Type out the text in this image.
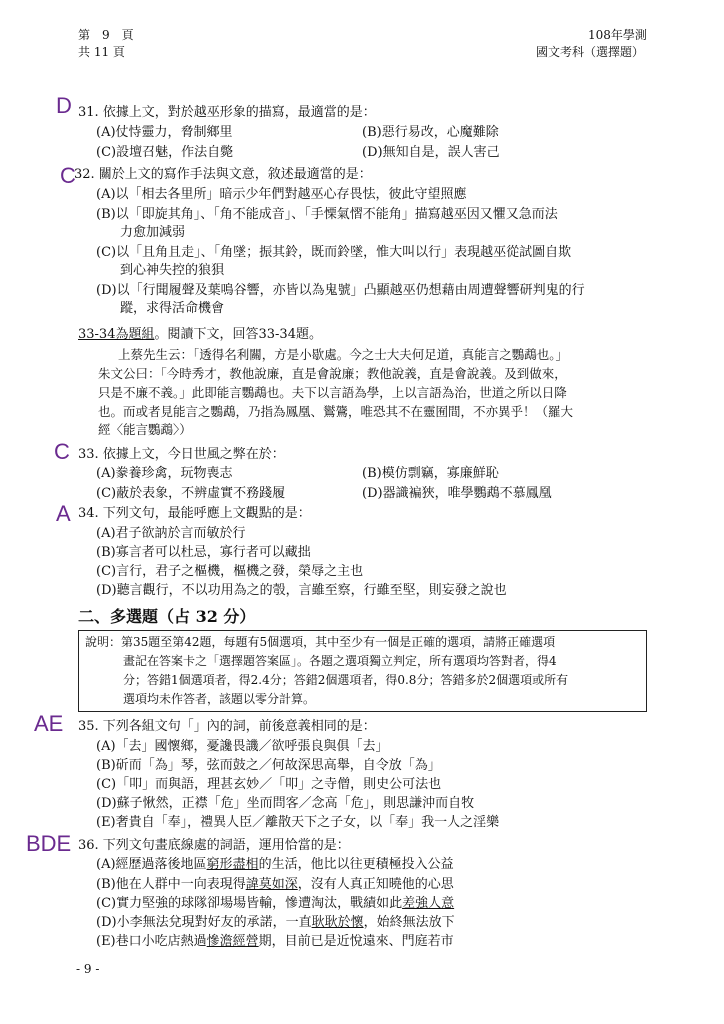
第　9　頁
共 11 頁
108年學測
國文考科（選擇題）
D 31. 依據上文，對於越巫形象的描寫，最適當的是：
(A)仗恃靈力，脅制鄉里	(B)惡行易改，心魔難除
(C)設壇召魅，作法自斃	(D)無知自是，誤人害己
C
32. 關於上文的寫作手法與文意，敘述最適當的是：
(A)以「相去各里所」暗示少年們對越巫心存畏怯，彼此守望照應
(B)以「即旋其角」、「角不能成音」、「手慄氣慴不能角」描寫越巫因又懼又急而法
力愈加減弱
(C)以「且角且走」、「角墜；振其鈴，既而鈴墜，惟大叫以行」表現越巫從試圖自欺
到心神失控的狼狽
(D)以「行聞履聲及葉鳴谷響，亦皆以為鬼號」凸顯越巫仍想藉由周遭聲響研判鬼的行
蹤，求得活命機會
33-34為題組。閱讀下文，回答33-34題。
上蔡先生云：「透得名利關，方是小歇處。今之士大夫何足道，真能言之鸚鵡也。」
朱文公曰：「今時秀才，教他說廉，直是會說廉；教他說義，直是會說義。及到做來，
只是不廉不義。」此即能言鸚鵡也。夫下以言語為學，上以言語為治，世道之所以日降
也。而或者見能言之鸚鵡，乃指為鳳凰、鸑鷟，唯恐其不在靈囿間，不亦異乎！（羅大
經〈能言鸚鵡〉）
C 33. 依據上文，今日世風之弊在於：
(A)豢養珍禽，玩物喪志	(B)模仿剽竊，寡廉鮮恥
(C)蔽於表象，不辨虛實不務踐履	(D)器識褊狹，唯學鸚鵡不慕鳳凰
A 34. 下列文句，最能呼應上文觀點的是：
(A)君子欲訥於言而敏於行
(B)寡言者可以杜忌，寡行者可以藏拙
(C)言行，君子之樞機，樞機之發，榮辱之主也
(D)聽言觀行，不以功用為之的彀，言雖至察，行雖至堅，則妄發之說也
二、多選題（占 32 分）
說明：第35題至第42題，每題有5個選項，其中至少有一個是正確的選項，請將正確選項
畫記在答案卡之「選擇題答案區」。各題之選項獨立判定，所有選項均答對者，得4
分；答錯1個選項者，得2.4分；答錯2個選項者，得0.8分；答錯多於2個選項或所有
選項均未作答者，該題以零分計算。
AE 35. 下列各組文句「」內的詞，前後意義相同的是：
(A)「去」國懷鄉，憂讒畏譏／欲呼張良與俱「去」
(B)斫而「為」琴，弦而鼓之／何故深思高舉，自令放「為」
(C)「叩」而與語，理甚玄妙／「叩」之寺僧，則史公可法也
(D)蘇子愀然，正襟「危」坐而問客／念高「危」，則思謙沖而自牧
(E)奢貴自「奉」，禮異人臣／離散天下之子女，以「奉」我一人之淫樂
BDE 36. 下列文句畫底線處的詞語，運用恰當的是：
(A)經歷過落後地區窮形盡相的生活，他比以往更積極投入公益
(B)他在人群中一向表現得諱莫如深，沒有人真正知曉他的心思
(C)實力堅強的球隊卻場場皆輸，慘遭淘汰，戰績如此差強人意
(D)小李無法兌現對好友的承諾，一直耿耿於懷，始終無法放下
(E)巷口小吃店熱過慘澹經營期，目前已是近悅遠來、門庭若市
- 9 -
